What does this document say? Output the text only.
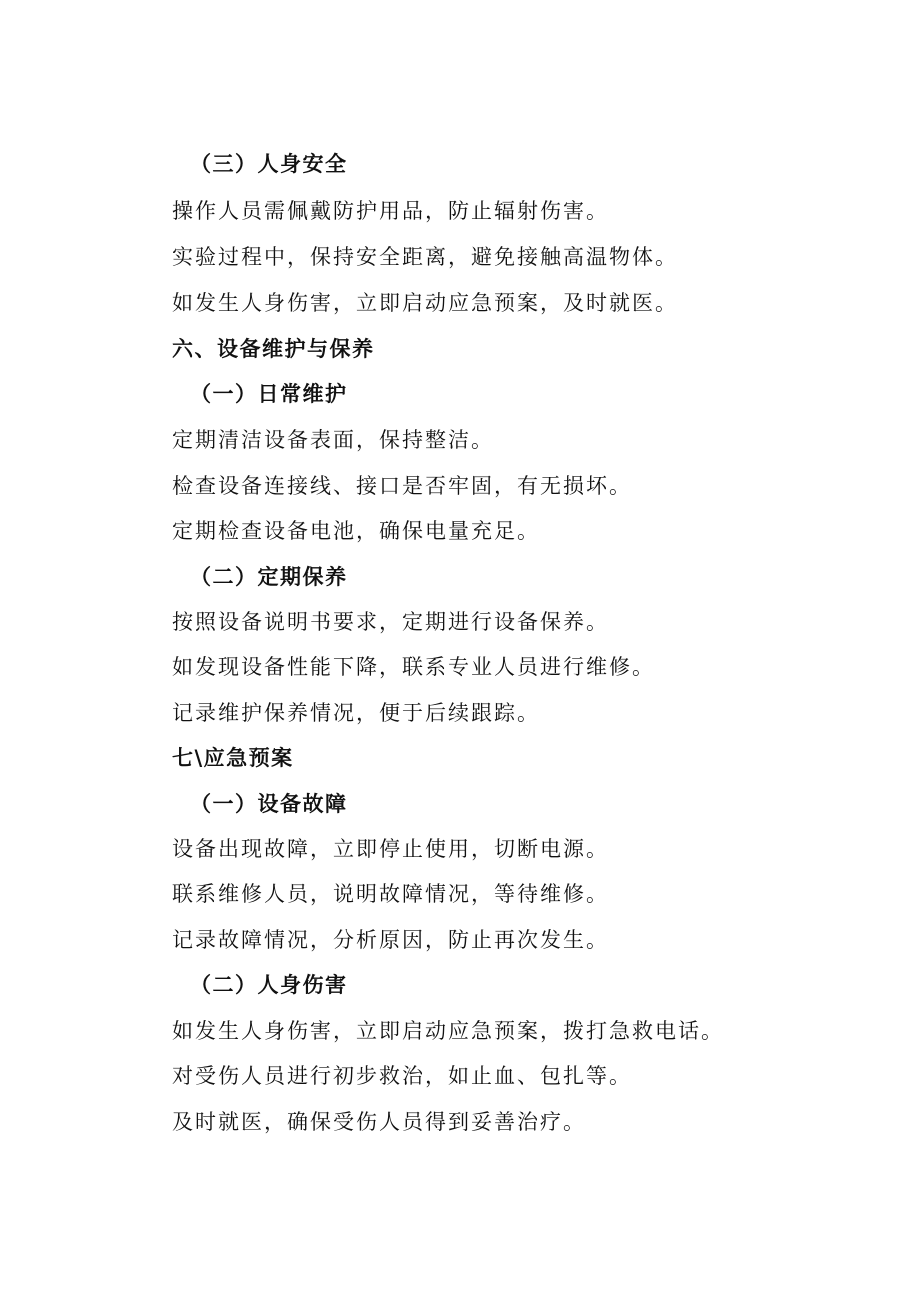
（三）人身安全
操作人员需佩戴防护用品，防止辐射伤害。
实验过程中，保持安全距离，避免接触高温物体。
如发生人身伤害，立即启动应急预案，及时就医。
六、设备维护与保养
（一）日常维护
定期清洁设备表面，保持整洁。
检查设备连接线、接口是否牢固，有无损坏。
定期检查设备电池，确保电量充足。
（二）定期保养
按照设备说明书要求，定期进行设备保养。
如发现设备性能下降，联系专业人员进行维修。
记录维护保养情况，便于后续跟踪。
七\应急预案
（一）设备故障
设备出现故障，立即停止使用，切断电源。
联系维修人员，说明故障情况，等待维修。
记录故障情况，分析原因，防止再次发生。
（二）人身伤害
如发生人身伤害，立即启动应急预案，拨打急救电话。
对受伤人员进行初步救治，如止血、包扎等。
及时就医，确保受伤人员得到妥善治疗。
